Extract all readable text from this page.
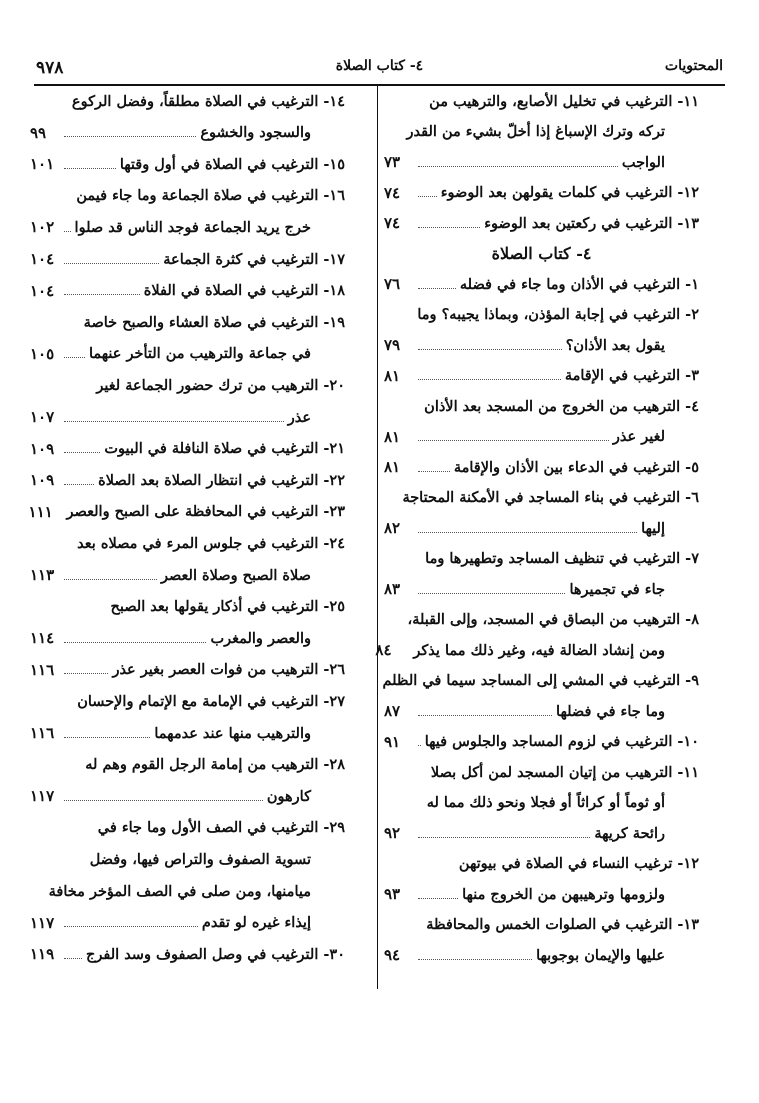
المحتويات
٤- كتاب الصلاة
٩٧٨
١١- الترغيب في تخليل الأصابع، والترهيب من
تركه وترك الإسباغ إذا أخلّ بشيء من القدر
الواجب
٧٣
١٢- الترغيب في كلمات يقولهن بعد الوضوء
٧٤
١٣- الترغيب في ركعتين بعد الوضوء
٧٤
٤- كتاب الصلاة
١- الترغيب في الأذان وما جاء في فضله
٧٦
٢- الترغيب في إجابة المؤذن، وبماذا يجيبه؟ وما
يقول بعد الأذان؟
٧٩
٣- الترغيب في الإقامة
٨١
٤- الترهيب من الخروج من المسجد بعد الأذان
لغير عذر
٨١
٥- الترغيب في الدعاء بين الأذان والإقامة
٨١
٦- الترغيب في بناء المساجد في الأمكنة المحتاجة
إليها
٨٢
٧- الترغيب في تنظيف المساجد وتطهيرها وما
جاء في تجميرها
٨٣
٨- الترهيب من البصاق في المسجد، وإلى القبلة،
ومن إنشاد الضالة فيه، وغير ذلك مما يذكر
٨٤
٩- الترغيب في المشي إلى المساجد سيما في الظلم
وما جاء في فضلها
٨٧
١٠- الترغيب في لزوم المساجد والجلوس فيها
٩١
١١- الترهيب من إتيان المسجد لمن أكل بصلا
أو ثوماً أو كراثاً أو فجلا ونحو ذلك مما له
رائحة كريهة
٩٢
١٢- ترغيب النساء في الصلاة في بيوتهن
ولزومها وترهيبهن من الخروج منها
٩٣
١٣- الترغيب في الصلوات الخمس والمحافظة
عليها والإيمان بوجوبها
٩٤
١٤- الترغيب في الصلاة مطلقاً، وفضل الركوع
والسجود والخشوع
٩٩
١٥- الترغيب في الصلاة في أول وقتها
١٠١
١٦- الترغيب في صلاة الجماعة وما جاء فيمن
خرج يريد الجماعة فوجد الناس قد صلوا
١٠٢
١٧- الترغيب في كثرة الجماعة
١٠٤
١٨- الترغيب في الصلاة في الفلاة
١٠٤
١٩- الترغيب في صلاة العشاء والصبح خاصة
في جماعة والترهيب من التأخر عنهما
١٠٥
٢٠- الترهيب من ترك حضور الجماعة لغير
عذر
١٠٧
٢١- الترغيب في صلاة النافلة في البيوت
١٠٩
٢٢- الترغيب في انتظار الصلاة بعد الصلاة
١٠٩
٢٣- الترغيب في المحافظة على الصبح والعصر
١١١
٢٤- الترغيب في جلوس المرء في مصلاه بعد
صلاة الصبح وصلاة العصر
١١٣
٢٥- الترغيب في أذكار يقولها بعد الصبح
والعصر والمغرب
١١٤
٢٦- الترهيب من فوات العصر بغير عذر
١١٦
٢٧- الترغيب في الإمامة مع الإتمام والإحسان
والترهيب منها عند عدمهما
١١٦
٢٨- الترهيب من إمامة الرجل القوم وهم له
كارهون
١١٧
٢٩- الترغيب في الصف الأول وما جاء في
تسوية الصفوف والتراص فيها، وفضل
ميامنها، ومن صلى في الصف المؤخر مخافة
إيذاء غيره لو تقدم
١١٧
٣٠- الترغيب في وصل الصفوف وسد الفرج
١١٩
